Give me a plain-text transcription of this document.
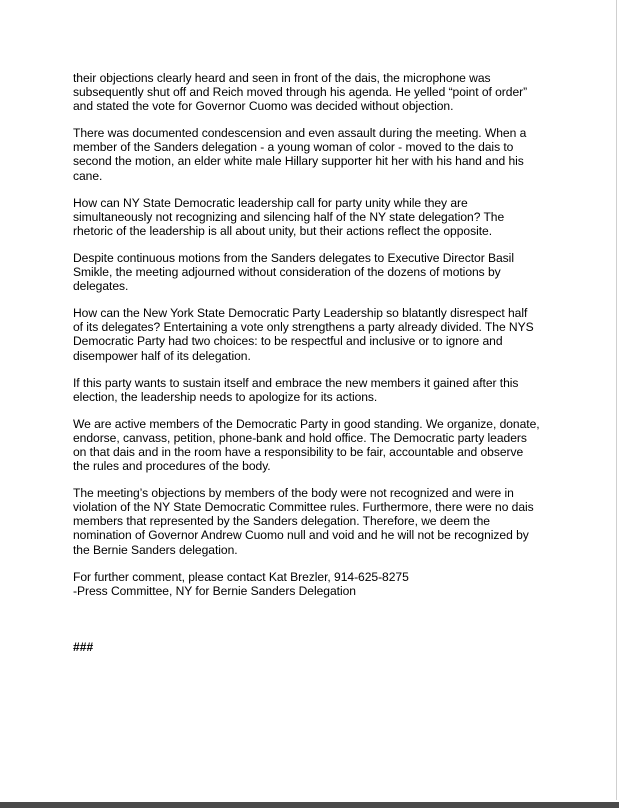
their objections clearly heard and seen in front of the dais, the microphone was
subsequently shut off and Reich moved through his agenda. He yelled “point of order”
and stated the vote for Governor Cuomo was decided without objection.

There was documented condescension and even assault during the meeting. When a
member of the Sanders delegation - a young woman of color - moved to the dais to
second the motion, an elder white male Hillary supporter hit her with his hand and his
cane.

How can NY State Democratic leadership call for party unity while they are
simultaneously not recognizing and silencing half of the NY state delegation? The
rhetoric of the leadership is all about unity, but their actions reflect the opposite.

Despite continuous motions from the Sanders delegates to Executive Director Basil
Smikle, the meeting adjourned without consideration of the dozens of motions by
delegates.

How can the New York State Democratic Party Leadership so blatantly disrespect half
of its delegates? Entertaining a vote only strengthens a party already divided. The NYS
Democratic Party had two choices: to be respectful and inclusive or to ignore and
disempower half of its delegation.

If this party wants to sustain itself and embrace the new members it gained after this
election, the leadership needs to apologize for its actions.

We are active members of the Democratic Party in good standing. We organize, donate,
endorse, canvass, petition, phone-bank and hold office. The Democratic party leaders
on that dais and in the room have a responsibility to be fair, accountable and observe
the rules and procedures of the body.

The meeting’s objections by members of the body were not recognized and were in
violation of the NY State Democratic Committee rules. Furthermore, there were no dais
members that represented by the Sanders delegation. Therefore, we deem the
nomination of Governor Andrew Cuomo null and void and he will not be recognized by
the Bernie Sanders delegation.

For further comment, please contact Kat Brezler, 914-625-8275
-Press Committee, NY for Bernie Sanders Delegation

###
